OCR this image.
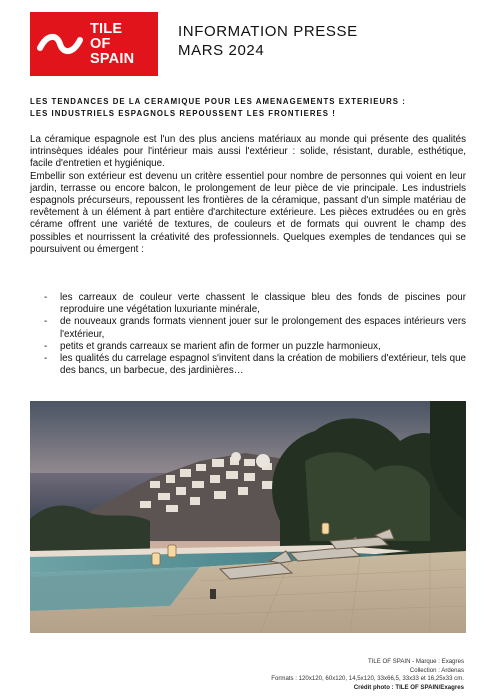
TILE
OF
SPAIN
INFORMATION PRESSE
MARS 2024
LES TENDANCES DE LA CERAMIQUE POUR LES AMENAGEMENTS EXTERIEURS :
LES INDUSTRIELS ESPAGNOLS REPOUSSENT LES FRONTIERES !

La céramique espagnole est l'un des plus anciens matériaux au monde qui présente des qualités intrinsèques idéales pour l'intérieur mais aussi l'extérieur : solide, résistant, durable, esthétique, facile d'entretien et hygiénique.

Embellir son extérieur est devenu un critère essentiel pour nombre de personnes qui voient en leur jardin, terrasse ou encore balcon, le prolongement de leur pièce de vie principale. Les industriels espagnols précurseurs, repoussent les frontières de la céramique, passant d'un simple matériau de revêtement à un élément à part entière d'architecture extérieure. Les pièces extrudées ou en grès cérame offrent une variété de textures, de couleurs et de formats qui ouvrent le champ des possibles et nourrissent la créativité des professionnels. Quelques exemples de tendances qui se poursuivent ou émergent :

- les carreaux de couleur verte chassent le classique bleu des fonds de piscines pour reproduire une végétation luxuriante minérale,
- de nouveaux grands formats viennent jouer sur le prolongement des espaces intérieurs vers l'extérieur,
- petits et grands carreaux se marient afin de former un puzzle harmonieux,
- les qualités du carrelage espagnol s'invitent dans la création de mobiliers d'extérieur, tels que des bancs, un barbecue, des jardinières…
TILE OF SPAIN - Marque : Exagres
Collection : Ardenas
Formats : 120x120, 60x120, 14,5x120, 33x66,5, 33x33 et 16,25x33 cm.
Crédit photo : TILE OF SPAIN/Exagres
